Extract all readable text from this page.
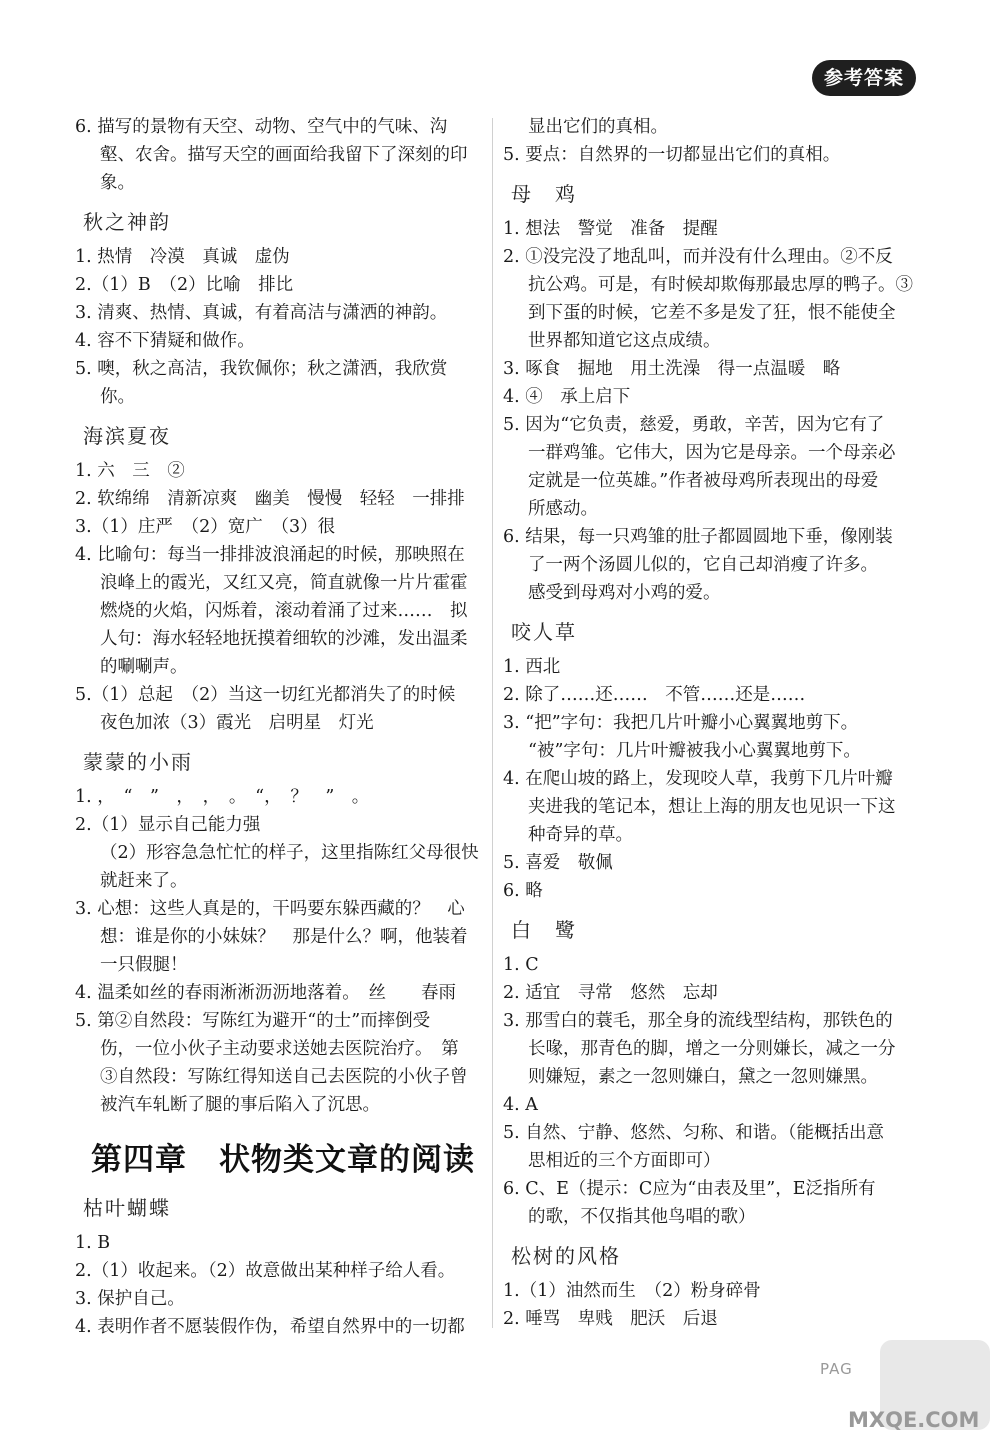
参考答案
6. 描写的景物有天空、动物、空气中的气味、沟
壑、农舍。描写天空的画面给我留下了深刻的印
象。
秋之神韵
1. 热情　冷漠　真诚　虚伪
2.（1）B　（2）比喻　排比
3. 清爽、热情、真诚，有着高洁与潇洒的神韵。
4. 容不下猜疑和做作。
5. 噢，秋之高洁，我钦佩你；秋之潇洒，我欣赏
你。
海滨夏夜
1. 六　三　②
2. 软绵绵　清新凉爽　幽美　慢慢　轻轻　一排排
3.（1）庄严　（2）宽广　（3）很
4. 比喻句：每当一排排波浪涌起的时候，那映照在
浪峰上的霞光，又红又亮，简直就像一片片霍霍
燃烧的火焰，闪烁着，滚动着涌了过来……　拟
人句：海水轻轻地抚摸着细软的沙滩，发出温柔
的唰唰声。
5.（1）总起　（2）当这一切红光都消失了的时候
夜色加浓（3）霞光　启明星　灯光
蒙蒙的小雨
1. ，　“　”　，　，　。　“，　？　”　。
2.（1）显示自己能力强
（2）形容急急忙忙的样子，这里指陈红父母很快
就赶来了。
3. 心想：这些人真是的，干吗要东躲西藏的？　心
想：谁是你的小妹妹？　那是什么？啊，他装着
一只假腿！
4. 温柔如丝的春雨淅淅沥沥地落着。　丝　　春雨
5. 第②自然段：写陈红为避开“的士”而摔倒受
伤，一位小伙子主动要求送她去医院治疗。　第
③自然段：写陈红得知送自己去医院的小伙子曾
被汽车轧断了腿的事后陷入了沉思。
第四章　状物类文章的阅读
枯叶蝴蝶
1. B
2.（1）收起来。（2）故意做出某种样子给人看。
3. 保护自己。
4. 表明作者不愿装假作伪，希望自然界中的一切都
显出它们的真相。
5. 要点：自然界的一切都显出它们的真相。
母　鸡
1. 想法　警觉　准备　提醒
2. ①没完没了地乱叫，而并没有什么理由。②不反
抗公鸡。可是，有时候却欺侮那最忠厚的鸭子。③
到下蛋的时候，它差不多是发了狂，恨不能使全
世界都知道它这点成绩。
3. 啄食　掘地　用土洗澡　得一点温暖　略
4. ④　承上启下
5. 因为“它负责，慈爱，勇敢，辛苦，因为它有了
一群鸡雏。它伟大，因为它是母亲。一个母亲必
定就是一位英雄。”作者被母鸡所表现出的母爱
所感动。
6. 结果，每一只鸡雏的肚子都圆圆地下垂，像刚装
了一两个汤圆儿似的，它自己却消瘦了许多。
感受到母鸡对小鸡的爱。
咬人草
1. 西北
2. 除了……还……　不管……还是……
3. “把”字句：我把几片叶瓣小心翼翼地剪下。
“被”字句：几片叶瓣被我小心翼翼地剪下。
4. 在爬山坡的路上，发现咬人草，我剪下几片叶瓣
夹进我的笔记本，想让上海的朋友也见识一下这
种奇异的草。
5. 喜爱　敬佩
6. 略
白　鹭
1. C
2. 适宜　寻常　悠然　忘却
3. 那雪白的蓑毛，那全身的流线型结构，那铁色的
长喙，那青色的脚，增之一分则嫌长，减之一分
则嫌短，素之一忽则嫌白，黛之一忽则嫌黑。
4. A
5. 自然、宁静、悠然、匀称、和谐。（能概括出意
思相近的三个方面即可）
6. C、E（提示：C应为“由表及里”，E泛指所有
的歌，不仅指其他鸟唱的歌）
松树的风格
1.（1）油然而生　（2）粉身碎骨
2. 唾骂　卑贱　肥沃　后退
PAG
MXQE.COM
